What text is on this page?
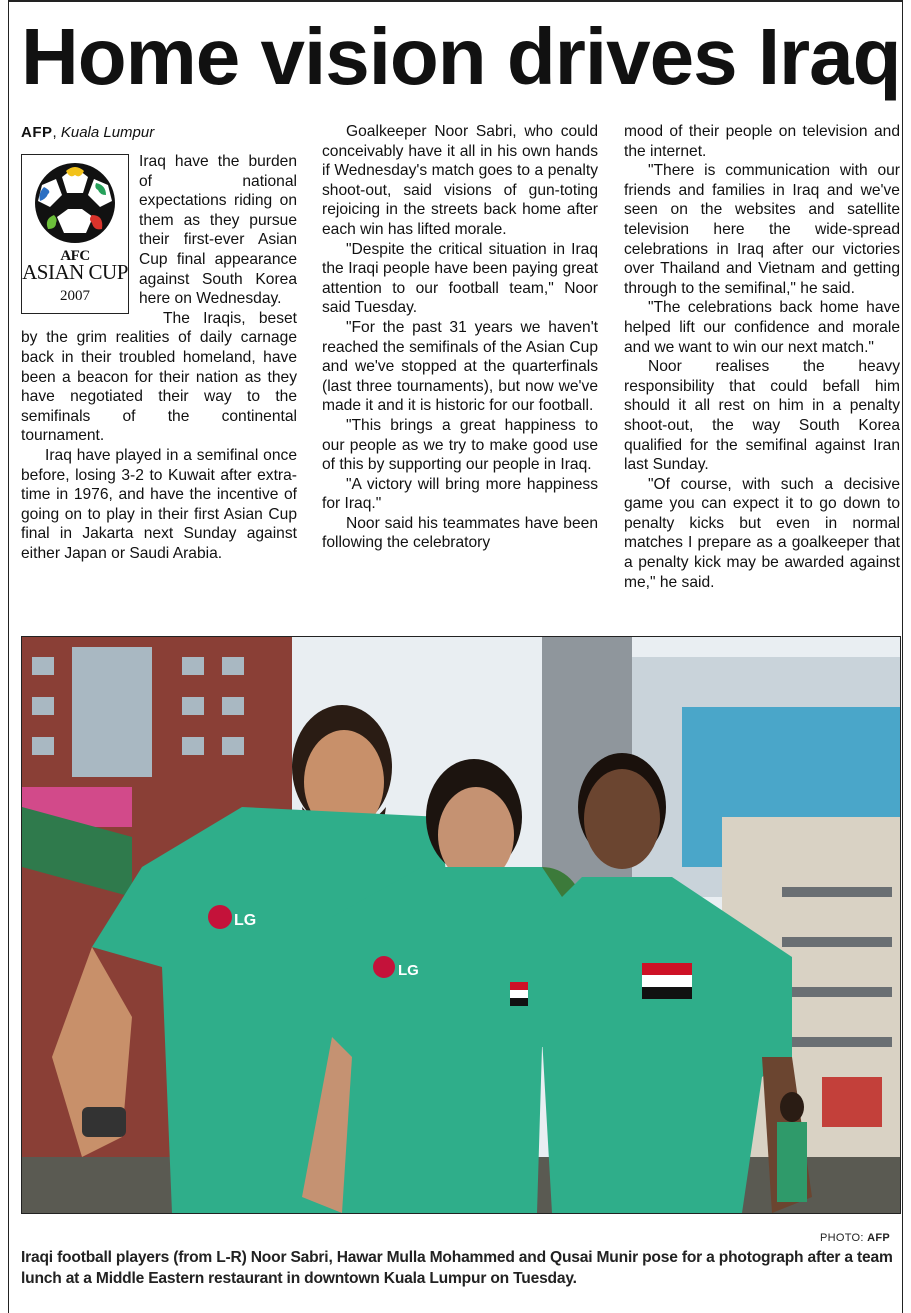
Home vision drives Iraq
AFP, Kuala Lumpur
AFC
ASIAN CUP
2007

Iraq have the burden of national expectations riding on them as they pursue their first-ever Asian Cup final appearance against South Korea here on Wednesday.

The Iraqis, beset by the grim realities of daily carnage back in their troubled homeland, have been a beacon for their nation as they have negotiated their way to the semifinals of the continental tournament.

Iraq have played in a semifinal once before, losing 3-2 to Kuwait after extra-time in 1976, and have the incentive of going on to play in their first Asian Cup final in Jakarta next Sunday against either Japan or Saudi Arabia.

Goalkeeper Noor Sabri, who could conceivably have it all in his own hands if Wednesday's match goes to a penalty shoot-out, said visions of gun-toting rejoicing in the streets back home after each win has lifted morale.

"Despite the critical situation in Iraq the Iraqi people have been paying great attention to our football team," Noor said Tuesday.

"For the past 31 years we haven't reached the semifinals of the Asian Cup and we've stopped at the quarterfinals (last three tournaments), but now we've made it and it is historic for our football.

"This brings a great happiness to our people as we try to make good use of this by supporting our people in Iraq.

"A victory will bring more happiness for Iraq."

Noor said his teammates have been following the celebratory

mood of their people on television and the internet.

"There is communication with our friends and families in Iraq and we've seen on the websites and satellite television here the wide-spread celebrations in Iraq after our victories over Thailand and Vietnam and getting through to the semifinal," he said.

"The celebrations back home have helped lift our confidence and morale and we want to win our next match."

Noor realises the heavy responsibility that could befall him should it all rest on him in a penalty shoot-out, the way South Korea qualified for the semifinal against Iran last Sunday.

"Of course, with such a decisive game you can expect it to go down to penalty kicks but even in normal matches I prepare as a goalkeeper that a penalty kick may be awarded against me," he said.

LG
LG
PHOTO: AFP
Iraqi football players (from L-R) Noor Sabri, Hawar Mulla Mohammed and Qusai Munir pose for a photograph after a team lunch at a Middle Eastern restaurant in downtown Kuala Lumpur on Tuesday.
